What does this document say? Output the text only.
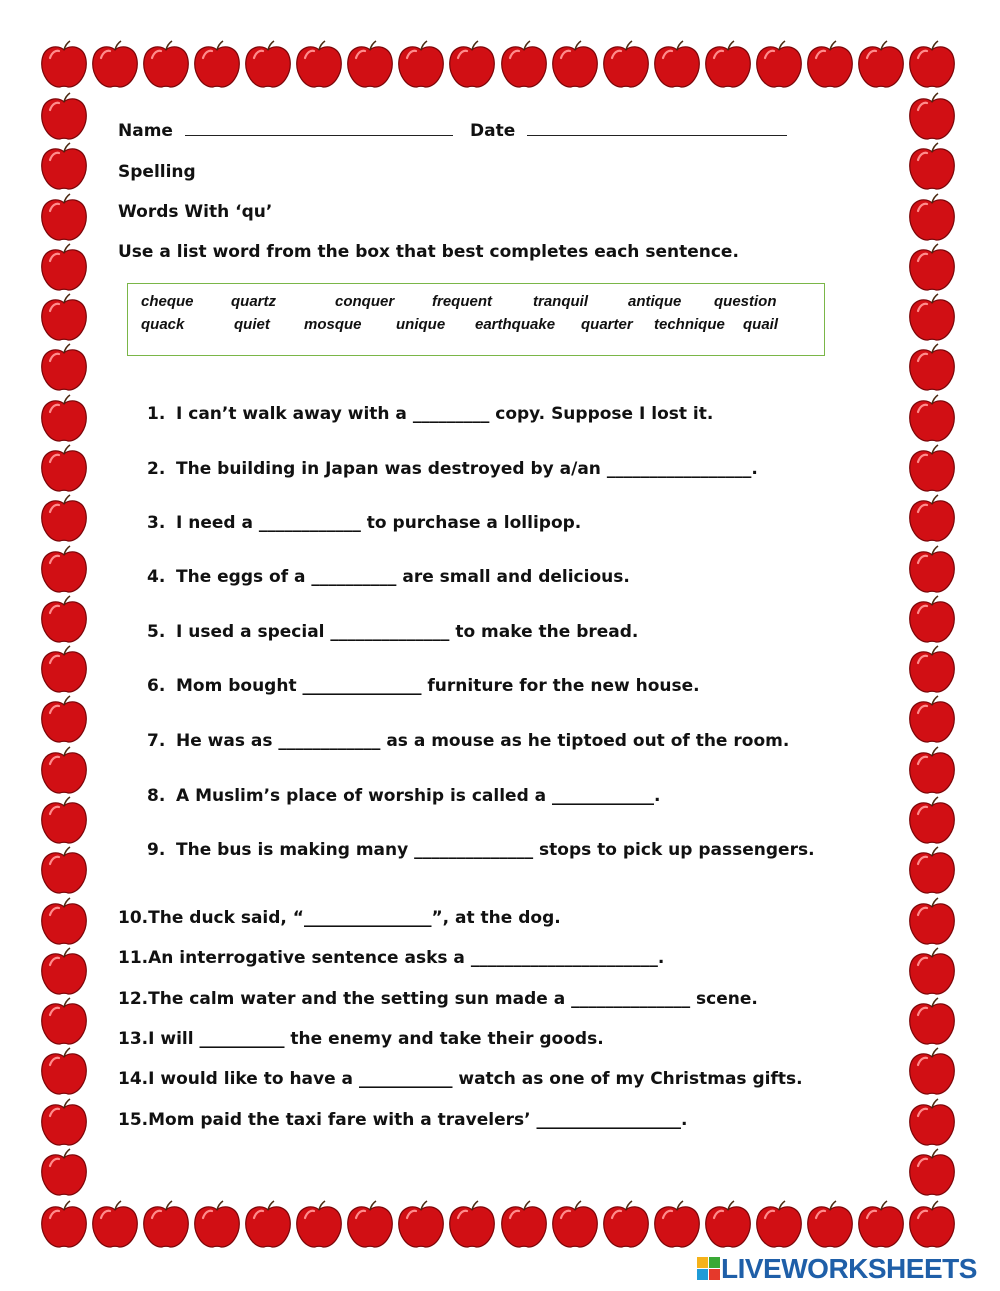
Name	Date
Spelling
Words With ‘qu’
Use a list word from the box that best completes each sentence.
cheque quartz	conquer	frequent	tranquil	antique question
quack	quiet mosque unique earthquake quarter technique quail
1. I can’t walk away with a _________ copy. Suppose I lost it.
2. The building in Japan was destroyed by a/an _________________.
3. I need a ____________ to purchase a lollipop.
4. The eggs of a __________ are small and delicious.
5. I used a special ______________ to make the bread.
6. Mom bought ______________ furniture for the new house.
7. He was as ____________ as a mouse as he tiptoed out of the room.
8. A Muslim’s place of worship is called a ____________.
9. The bus is making many ______________ stops to pick up passengers.
10.The duck said, “_______________”, at the dog.
11.An interrogative sentence asks a ______________________.
12.The calm water and the setting sun made a ______________ scene.
13.I will __________ the enemy and take their goods.
14.I would like to have a ___________ watch as one of my Christmas gifts.
15.Mom paid the taxi fare with a travelers’ _________________.
LIVEWORKSHEETS
